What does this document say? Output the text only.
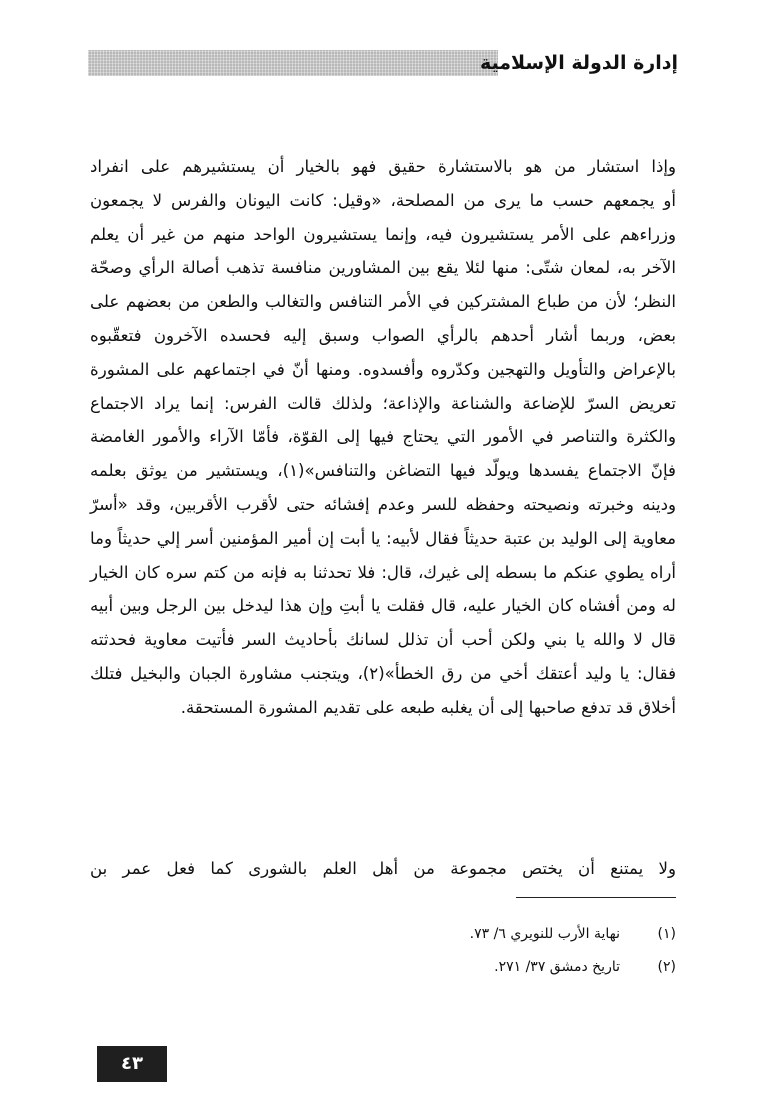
إدارة الدولة الإسلامية
وإذا استشار من هو بالاستشارة حقيق فهو بالخيار أن يستشيرهم على انفراد
أو يجمعهم حسب ما يرى من المصلحة، «وقيل: كانت اليونان والفرس لا يجمعون
وزراءهم على الأمر يستشيرون فيه، وإنما يستشيرون الواحد منهم من غير أن يعلم
الآخر به، لمعان شتّى: منها لئلا يقع بين المشاورين منافسة تذهب أصالة الرأي وصحّة
النظر؛ لأن من طباع المشتركين في الأمر التنافس والتغالب والطعن من بعضهم على
بعض، وربما أشار أحدهم بالرأي الصواب وسبق إليه فحسده الآخرون فتعقّبوه
بالإعراض والتأويل والتهجين وكدّروه وأفسدوه. ومنها أنّ في اجتماعهم على المشورة
تعريض السرّ للإضاعة والشناعة والإذاعة؛ ولذلك قالت الفرس: إنما يراد الاجتماع
والكثرة والتناصر في الأمور التي يحتاج فيها إلى القوّة، فأمّا الآراء والأمور الغامضة
فإنّ الاجتماع يفسدها ويولّد فيها التضاغن والتنافس»(١)، ويستشير من يوثق بعلمه
ودينه وخبرته ونصيحته وحفظه للسر وعدم إفشائه حتى لأقرب الأقربين، وقد «أسرّ
معاوية إلى الوليد بن عتبة حديثاً فقال لأبيه: يا أبت إن أمير المؤمنين أسر إلي حديثاً وما
أراه يطوي عنكم ما بسطه إلى غيرك، قال: فلا تحدثنا به فإنه من كتم سره كان الخيار
له ومن أفشاه كان الخيار عليه، قال فقلت يا أبتِ وإن هذا ليدخل بين الرجل وبين أبيه
قال لا والله يا بني ولكن أحب أن تذلل لسانك بأحاديث السر فأتيت معاوية فحدثته
فقال: يا وليد أعتقك أخي من رق الخطأ»(٢)، ويتجنب مشاورة الجبان والبخيل فتلك
أخلاق قد تدفع صاحبها إلى أن يغلبه طبعه على تقديم المشورة المستحقة.
ولا يمتنع أن يختص مجموعة من أهل العلم بالشورى كما فعل عمر بن
(١)
نهاية الأرب للنويري ٦/ ٧٣.
(٢)
تاريخ دمشق ٣٧/ ٢٧١.
٤٣
